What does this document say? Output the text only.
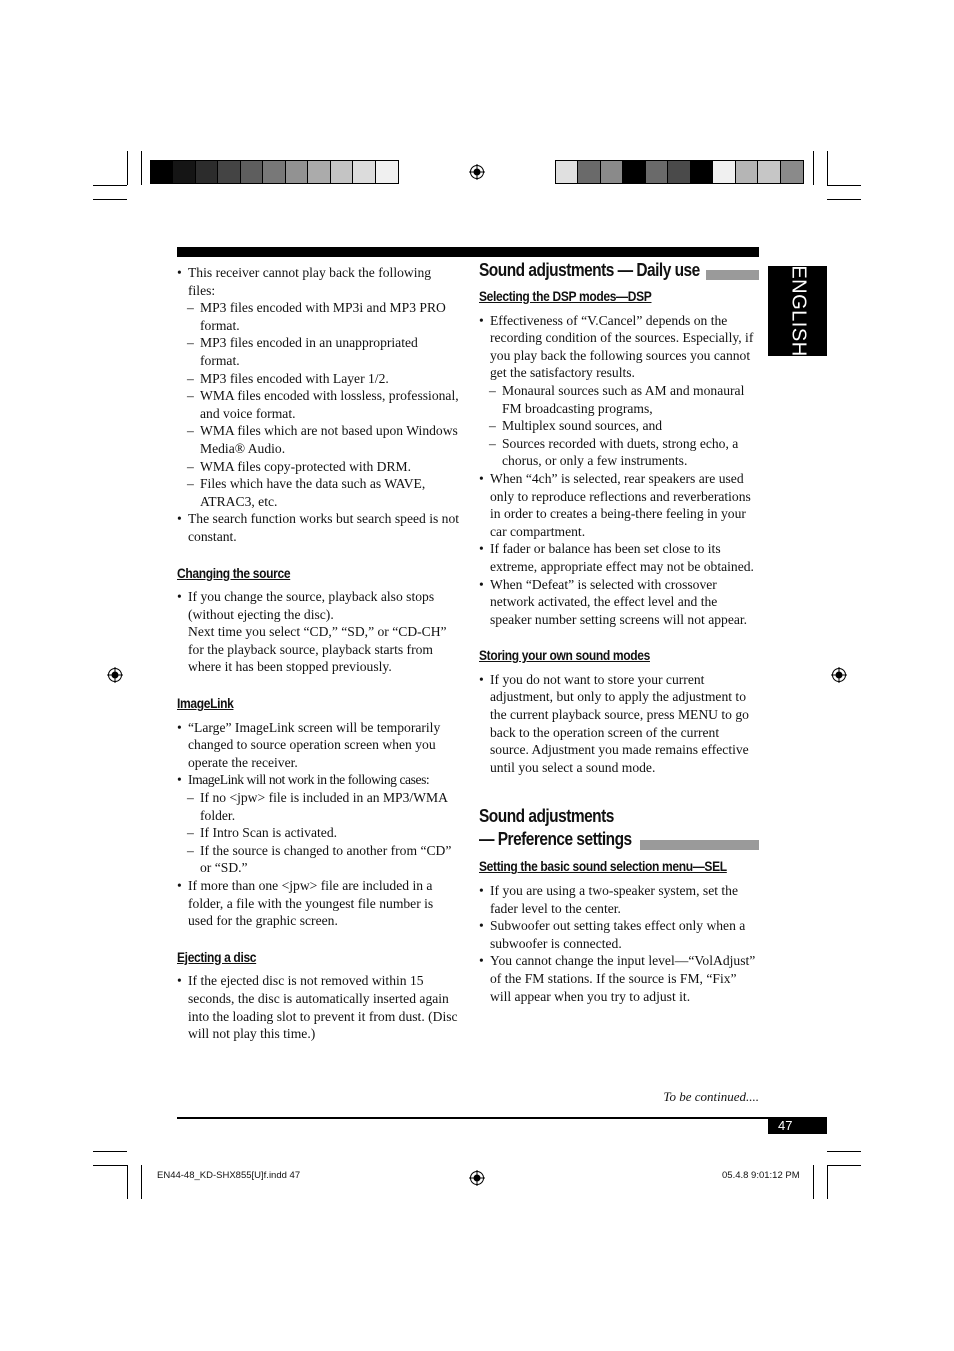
ENGLISH

• This receiver cannot play back the following files:

– MP3 files encoded with MP3i and MP3 PRO format.

– MP3 files encoded in an unappropriated format.

– MP3 files encoded with Layer 1/2.

– WMA files encoded with lossless, professional, and voice format.

– WMA files which are not based upon Windows Media® Audio.

– WMA files copy-protected with DRM.

– Files which have the data such as WAVE, ATRAC3, etc.

• The search function works but search speed is not constant.

Changing the source

• If you change the source, playback also stops (without ejecting the disc).

Next time you select “CD,” “SD,” or “CD-CH” for the playback source, playback starts from where it has been stopped previously.

ImageLink

• “Large” ImageLink screen will be temporarily changed to source operation screen when you operate the receiver.

• ImageLink will not work in the following cases:

– If no <jpw> file is included in an MP3/WMA folder.

– If Intro Scan is activated.

– If the source is changed to another from “CD” or “SD.”

• If more than one <jpw> file are included in a folder, a file with the youngest file number is used for the graphic screen.

Ejecting a disc

• If the ejected disc is not removed within 15 seconds, the disc is automatically inserted again into the loading slot to prevent it from dust. (Disc will not play this time.)

Sound adjustments — Daily use

Selecting the DSP modes—DSP

• Effectiveness of “V.Cancel” depends on the recording condition of the sources. Especially, if you play back the following sources you cannot get the satisfactory results.

– Monaural sources such as AM and monaural FM broadcasting programs,

– Multiplex sound sources, and

– Sources recorded with duets, strong echo, a chorus, or only a few instruments.

• When “4ch” is selected, rear speakers are used only to reproduce reflections and reverberations in order to creates a being-there feeling in your car compartment.

• If fader or balance has been set close to its extreme, appropriate effect may not be obtained.

• When “Defeat” is selected with crossover network activated, the effect level and the speaker number setting screens will not appear.

Storing your own sound modes

• If you do not want to store your current adjustment, but only to apply the adjustment to the current playback source, press MENU to go back to the operation screen of the current source. Adjustment you made remains effective until you select a sound mode.

Sound adjustments
— Preference settings

Setting the basic sound selection menu—SEL

• If you are using a two-speaker system, set the fader level to the center.

• Subwoofer out setting takes effect only when a subwoofer is connected.

• You cannot change the input level—“VolAdjust” of the FM stations. If the source is FM, “Fix” will appear when you try to adjust it.

To be continued....
47
EN44-48_KD-SHX855[U]f.indd 47	05.4.8 9:01:12 PM
